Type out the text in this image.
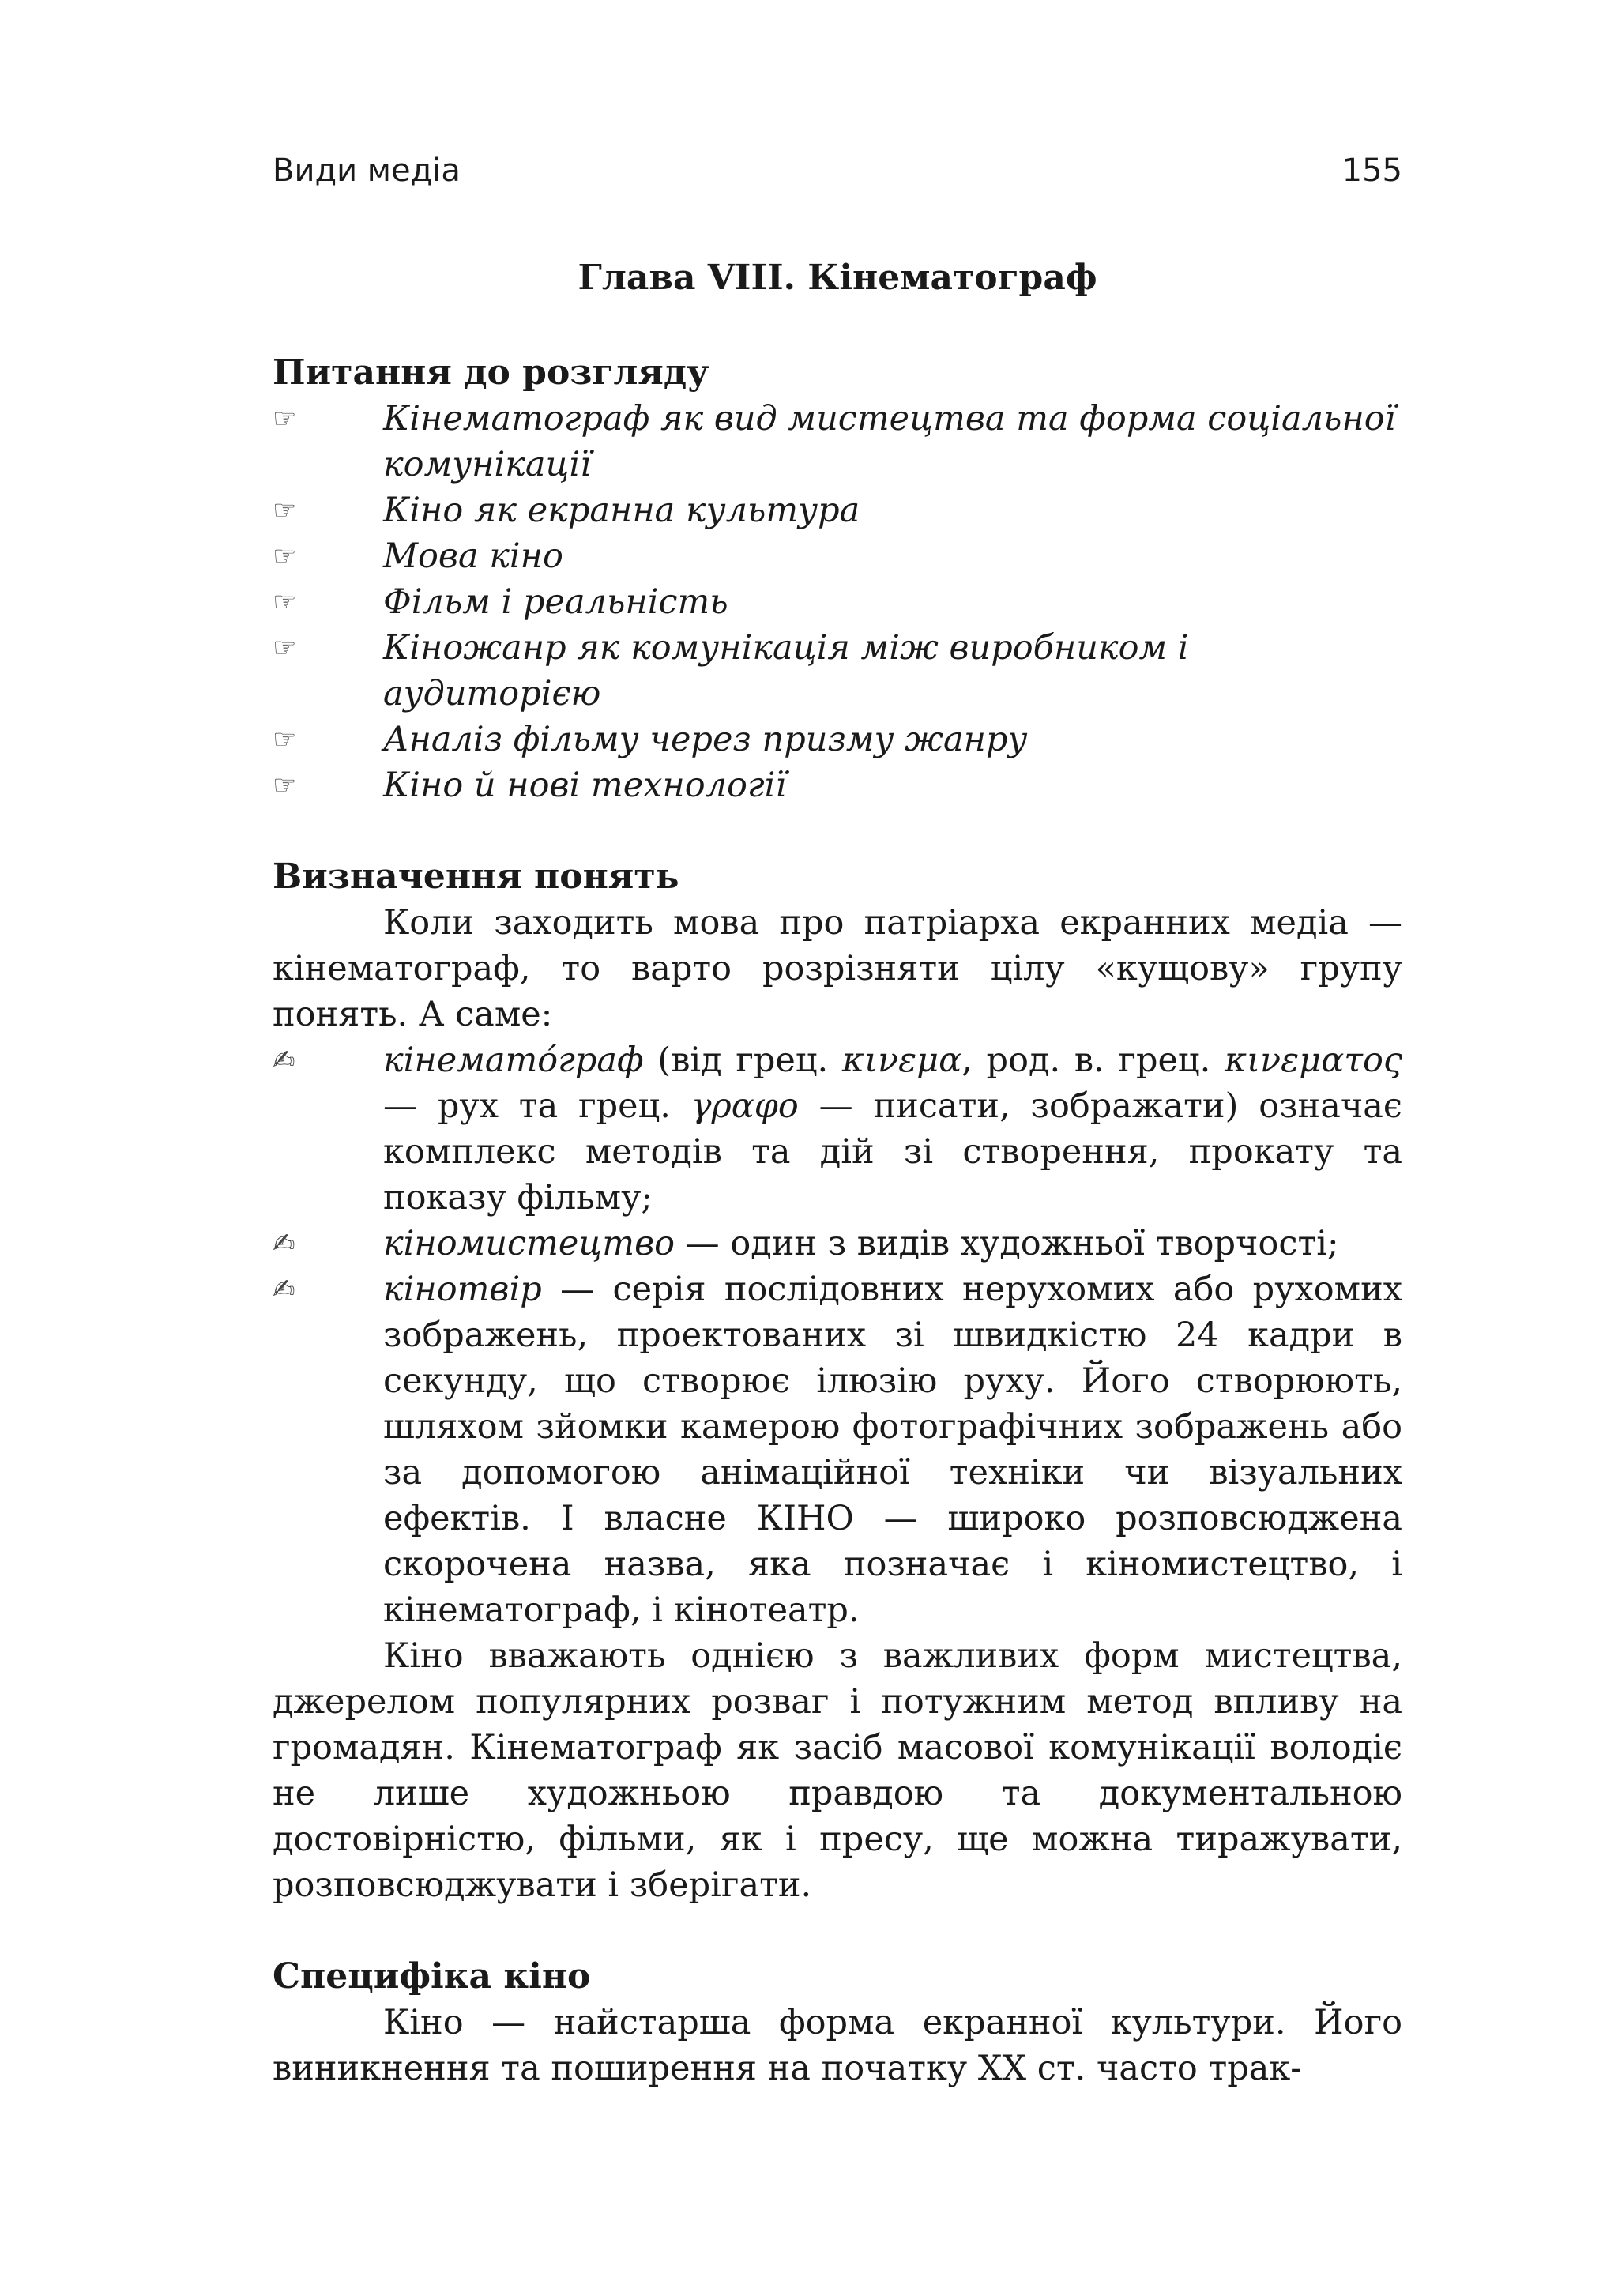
Види медіа	155
Глава VIII. Кінематограф
Питання до розгляду
☞	Кінематограф як вид мистецтва та форма соціальної комунікації
☞	Кіно як екранна культура
☞	Мова кіно
☞	Фільм і реальність
☞	Кіножанр як комунікація між виробником і аудиторією
☞	Аналіз фільму через призму жанру
☞	Кіно й нові технології
Визначення понять

Коли заходить мова про патріарха екранних медіа — кінематограф, то варто розрізняти цілу «кущову» групу понять. А саме:

✍	кінемато́граф (від грец. κινεμα, род. в. грец. κινεματος — рух та грец. γραφο — писати, зображати) означає комплекс методів та дій зі створення, прокату та показу фільму;
✍	кіномистецтво — один з видів художньої творчості;
✍	кінотвір — серія послідовних нерухомих або рухомих зображень, проектованих зі швидкістю 24 кадри в секунду, що створює ілюзію руху. Його створюють, шляхом зйомки камерою фотографічних зображень або за допомогою анімаційної техніки чи візуальних ефектів. І власне КІНО — широко розповсюджена скорочена назва, яка позначає і кіномистецтво, і кінематограф, і кінотеатр.

Кіно вважають однією з важливих форм мистецтва, джерелом популярних розваг і потужним метод впливу на громадян. Кінематограф як засіб масової комунікації володіє не лише художньою правдою та документальною достовірністю, фільми, як і пресу, ще можна тиражувати, розповсюджувати і зберігати.

Специфіка кіно

Кіно — найстарша форма екранної культури. Його виникнення та поширення на початку XX ст. часто трак-
